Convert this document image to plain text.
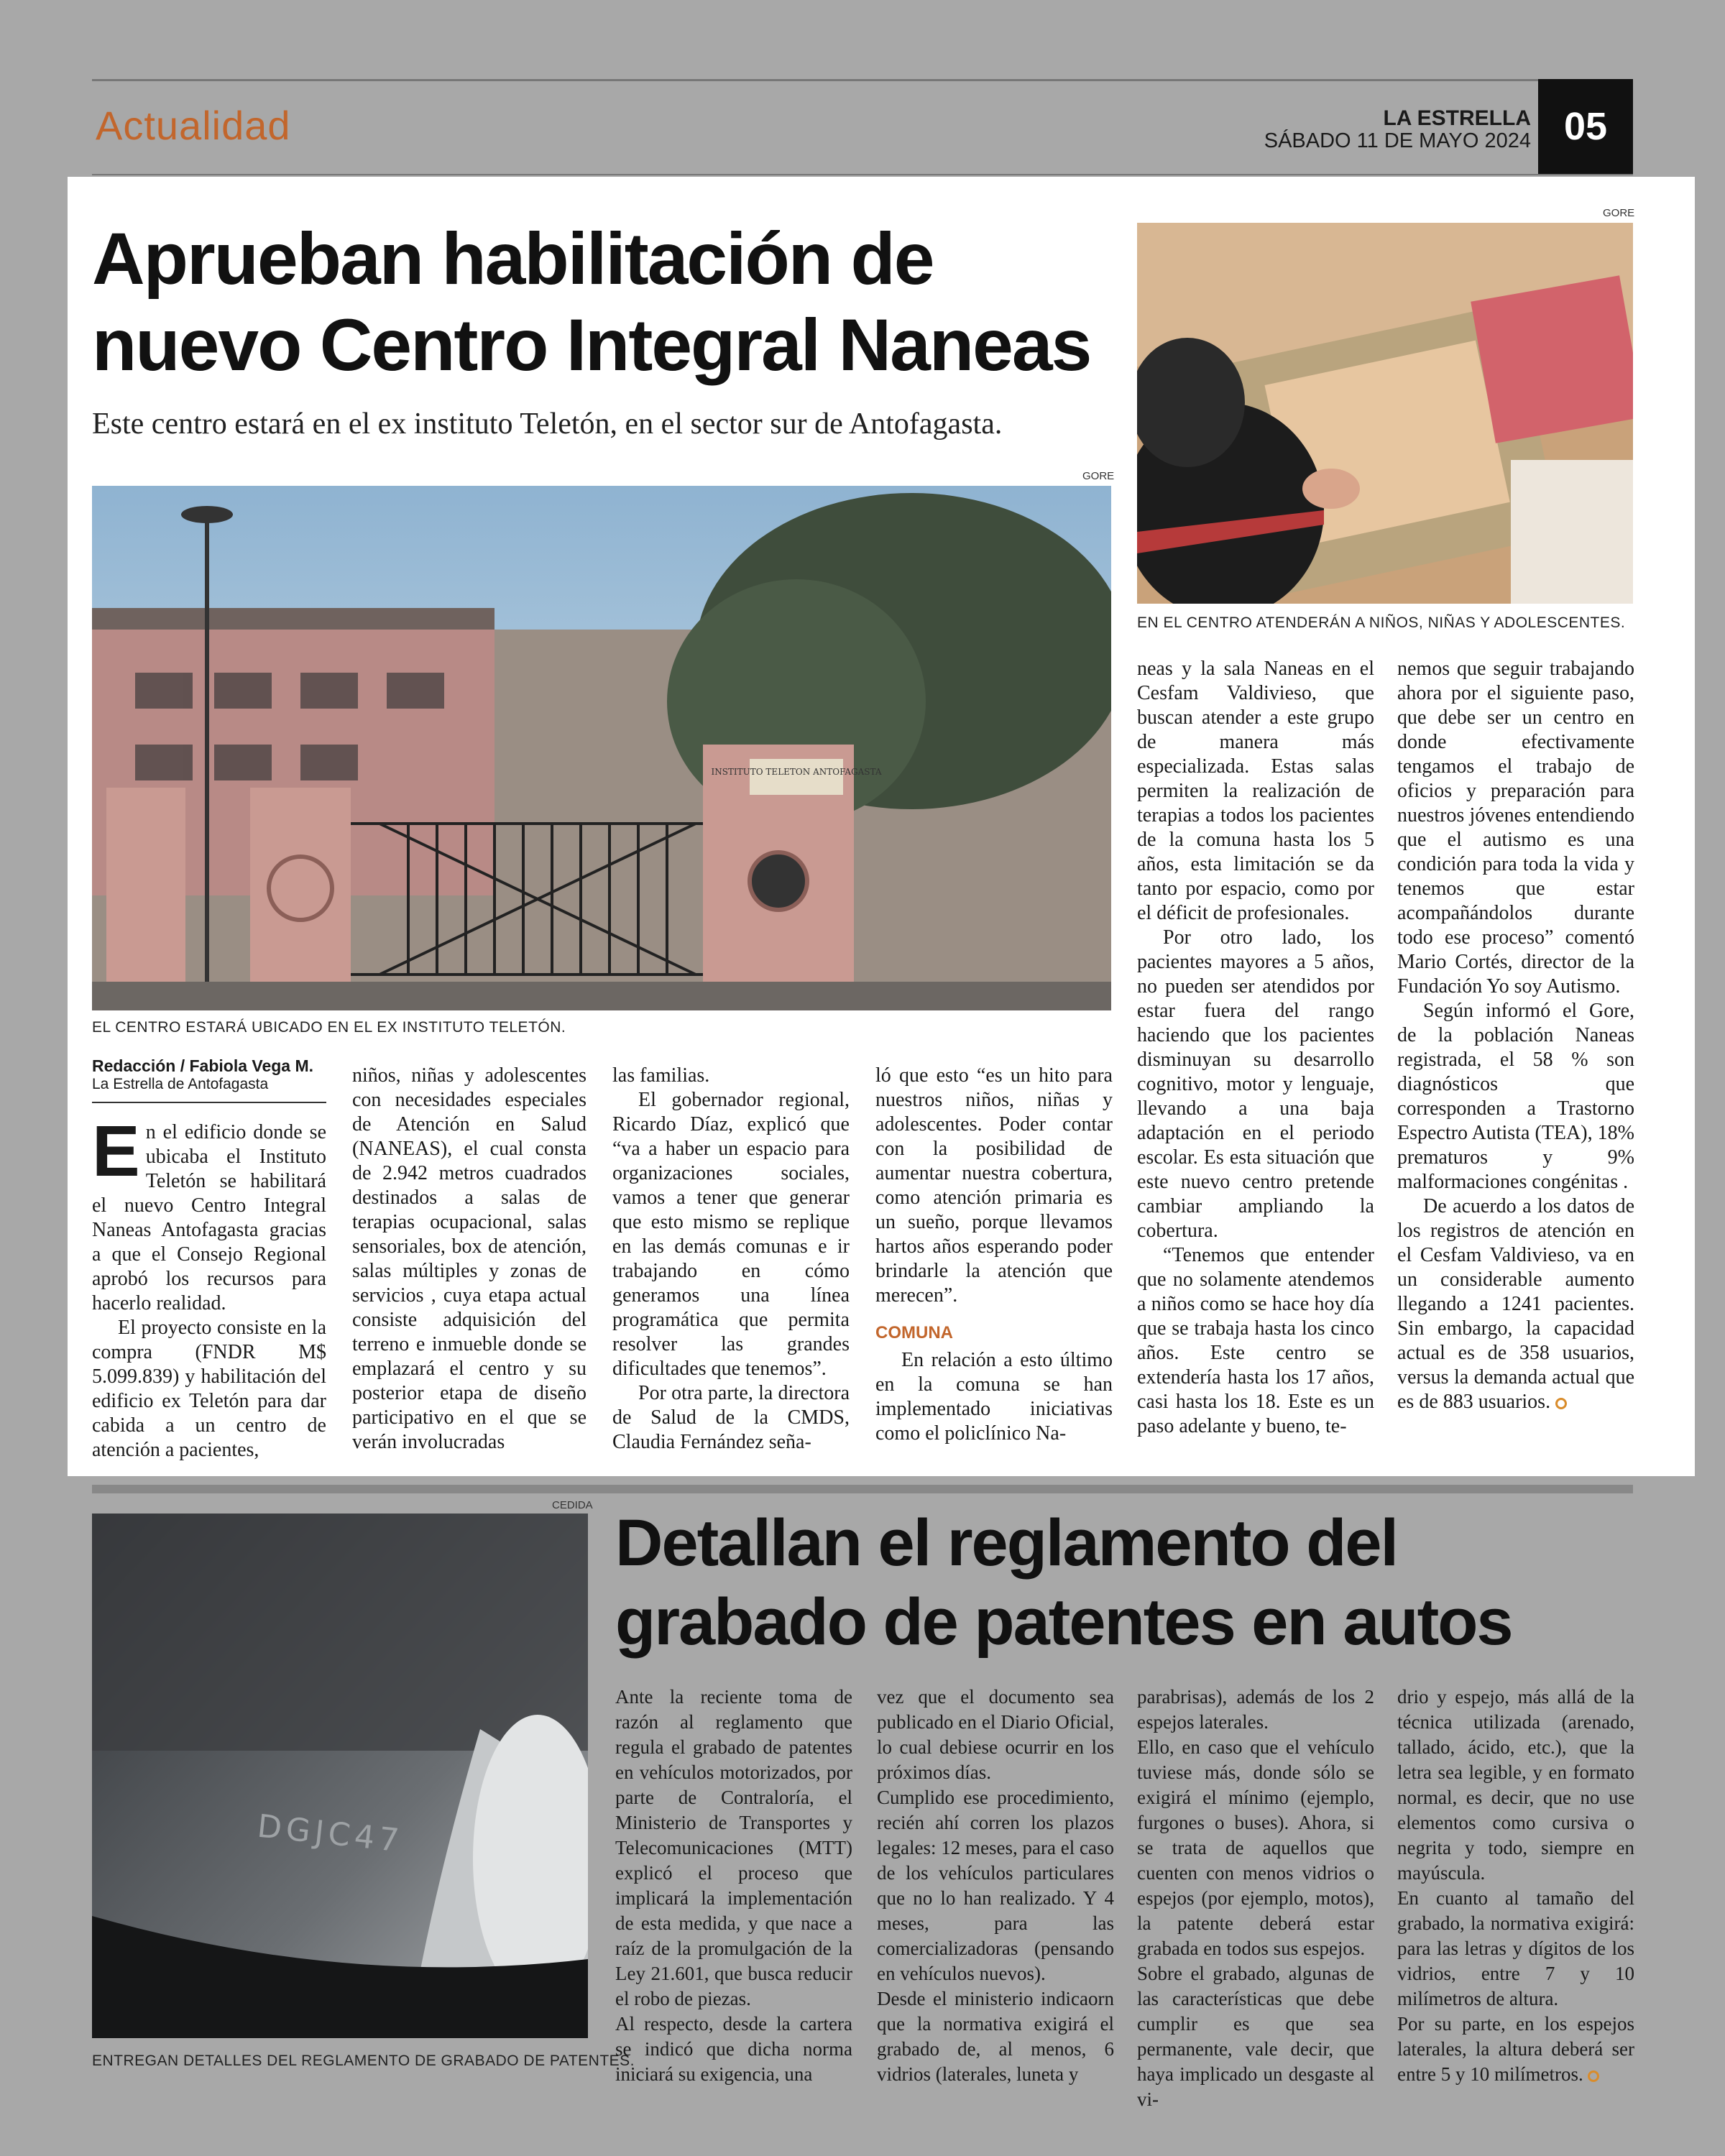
Actualidad	LA ESTRELLA
SÁBADO 11 DE MAYO 2024 05
Aprueban habilitación de
nuevo Centro Integral Naneas
Este centro estará en el ex instituto Teletón, en el sector sur de Antofagasta.
GORE
INSTITUTO TELETON ANTOFAGASTA
EL CENTRO ESTARÁ UBICADO EN EL EX INSTITUTO TELETÓN.
GORE
EN EL CENTRO ATENDERÁN A NIÑOS, NIÑAS Y ADOLESCENTES.
Redacción / Fabiola Vega M.
La Estrella de Antofagasta

En el edificio donde se ubicaba el Instituto Teletón se habilitará el nuevo Centro Integral Naneas Antofagasta gracias a que el Consejo Regional aprobó los recursos para hacerlo realidad.

El proyecto consiste en la compra (FNDR M$ 5.099.839) y habilitación del edificio ex Teletón para dar cabida a un centro de atención a pacientes,

niños, niñas y adolescentes con necesidades especiales de Atención en Salud (NANEAS), el cual consta de 2.942 metros cuadrados destinados a salas de terapias ocupacional, salas sensoriales, box de atención, salas múltiples y zonas de servicios , cuya etapa actual consiste adquisición del terreno e inmueble donde se emplazará el centro y su posterior etapa de diseño participativo en el que se verán involucradas

las familias.

El gobernador regional, Ricardo Díaz, explicó que “va a haber un espacio para organizaciones sociales, vamos a tener que generar que esto mismo se replique en las demás comunas e ir trabajando en cómo generamos una línea programática que permita resolver las grandes dificultades que tenemos”.

Por otra parte, la directora de Salud de la CMDS, Claudia Fernández seña-

ló que esto “es un hito para nuestros niños, niñas y adolescentes. Poder contar con la posibilidad de aumentar nuestra cobertura, como atención primaria es un sueño, porque llevamos hartos años esperando poder brindarle la atención que merecen”.

COMUNA

En relación a esto último en la comuna se han implementado iniciativas como el policlínico Na-

neas y la sala Naneas en el Cesfam Valdivieso, que buscan atender a este grupo de manera más especializada. Estas salas permiten la realización de terapias a todos los pacientes de la comuna hasta los 5 años, esta limitación se da tanto por espacio, como por el déficit de profesionales.

Por otro lado, los pacientes mayores a 5 años, no pueden ser atendidos por estar fuera del rango haciendo que los pacientes disminuyan su desarrollo cognitivo, motor y lenguaje, llevando a una baja adaptación en el periodo escolar. Es esta situación que este nuevo centro pretende cambiar ampliando la cobertura.

“Tenemos que entender que no solamente atendemos a niños como se hace hoy día que se trabaja hasta los cinco años. Este centro se extendería hasta los 17 años, casi hasta los 18. Este es un paso adelante y bueno, te-

nemos que seguir trabajando ahora por el siguiente paso, que debe ser un centro en donde efectivamente tengamos el trabajo de oficios y preparación para nuestros jóvenes entendiendo que el autismo es una condición para toda la vida y tenemos que estar acompañándolos durante todo ese proceso” comentó Mario Cortés, director de la Fundación Yo soy Autismo.

Según informó el Gore, de la población Naneas registrada, el 58 % son diagnósticos que corresponden a Trastorno Espectro Autista (TEA), 18% prematuros y 9% malformaciones congénitas .

De acuerdo a los datos de los registros de atención en el Cesfam Valdivieso, va en un considerable aumento llegando a 1241 pacientes. Sin embargo, la capacidad actual es de 358 usuarios, versus la demanda actual que es de 883 usuarios.

CEDIDA
DGJC47
ENTREGAN DETALLES DEL REGLAMENTO DE GRABADO DE PATENTES.
Detallan el reglamento del
grabado de patentes en autos

Ante la reciente toma de razón al reglamento que regula el grabado de patentes en vehículos motorizados, por parte de Contraloría, el Ministerio de Transportes y Telecomunicaciones (MTT) explicó el proceso que implicará la implementación de esta medida, y que nace a raíz de la promulgación de la Ley 21.601, que busca reducir el robo de piezas.

Al respecto, desde la cartera se indicó que dicha norma iniciará su exigencia, una

vez que el documento sea publicado en el Diario Oficial, lo cual debiese ocurrir en los próximos días.

Cumplido ese procedimiento, recién ahí corren los plazos legales: 12 meses, para el caso de los vehículos particulares que no lo han realizado. Y 4 meses, para las comercializadoras (pensando en vehículos nuevos).

Desde el ministerio indicaorn que la normativa exigirá el grabado de, al menos, 6 vidrios (laterales, luneta y

parabrisas), además de los 2 espejos laterales.

Ello, en caso que el vehículo tuviese más, donde sólo se exigirá el mínimo (ejemplo, furgones o buses). Ahora, si se trata de aquellos que cuenten con menos vidrios o espejos (por ejemplo, motos), la patente deberá estar grabada en todos sus espejos.

Sobre el grabado, algunas de las características que debe cumplir es que sea permanente, vale decir, que haya implicado un desgaste al vi-

drio y espejo, más allá de la técnica utilizada (arenado, tallado, ácido, etc.), que la letra sea legible, y en formato normal, es decir, que no use elementos como cursiva o negrita y todo, siempre en mayúscula.

En cuanto al tamaño del grabado, la normativa exigirá: para las letras y dígitos de los vidrios, entre 7 y 10 milímetros de altura.

Por su parte, en los espejos laterales, la altura deberá ser entre 5 y 10 milímetros.
